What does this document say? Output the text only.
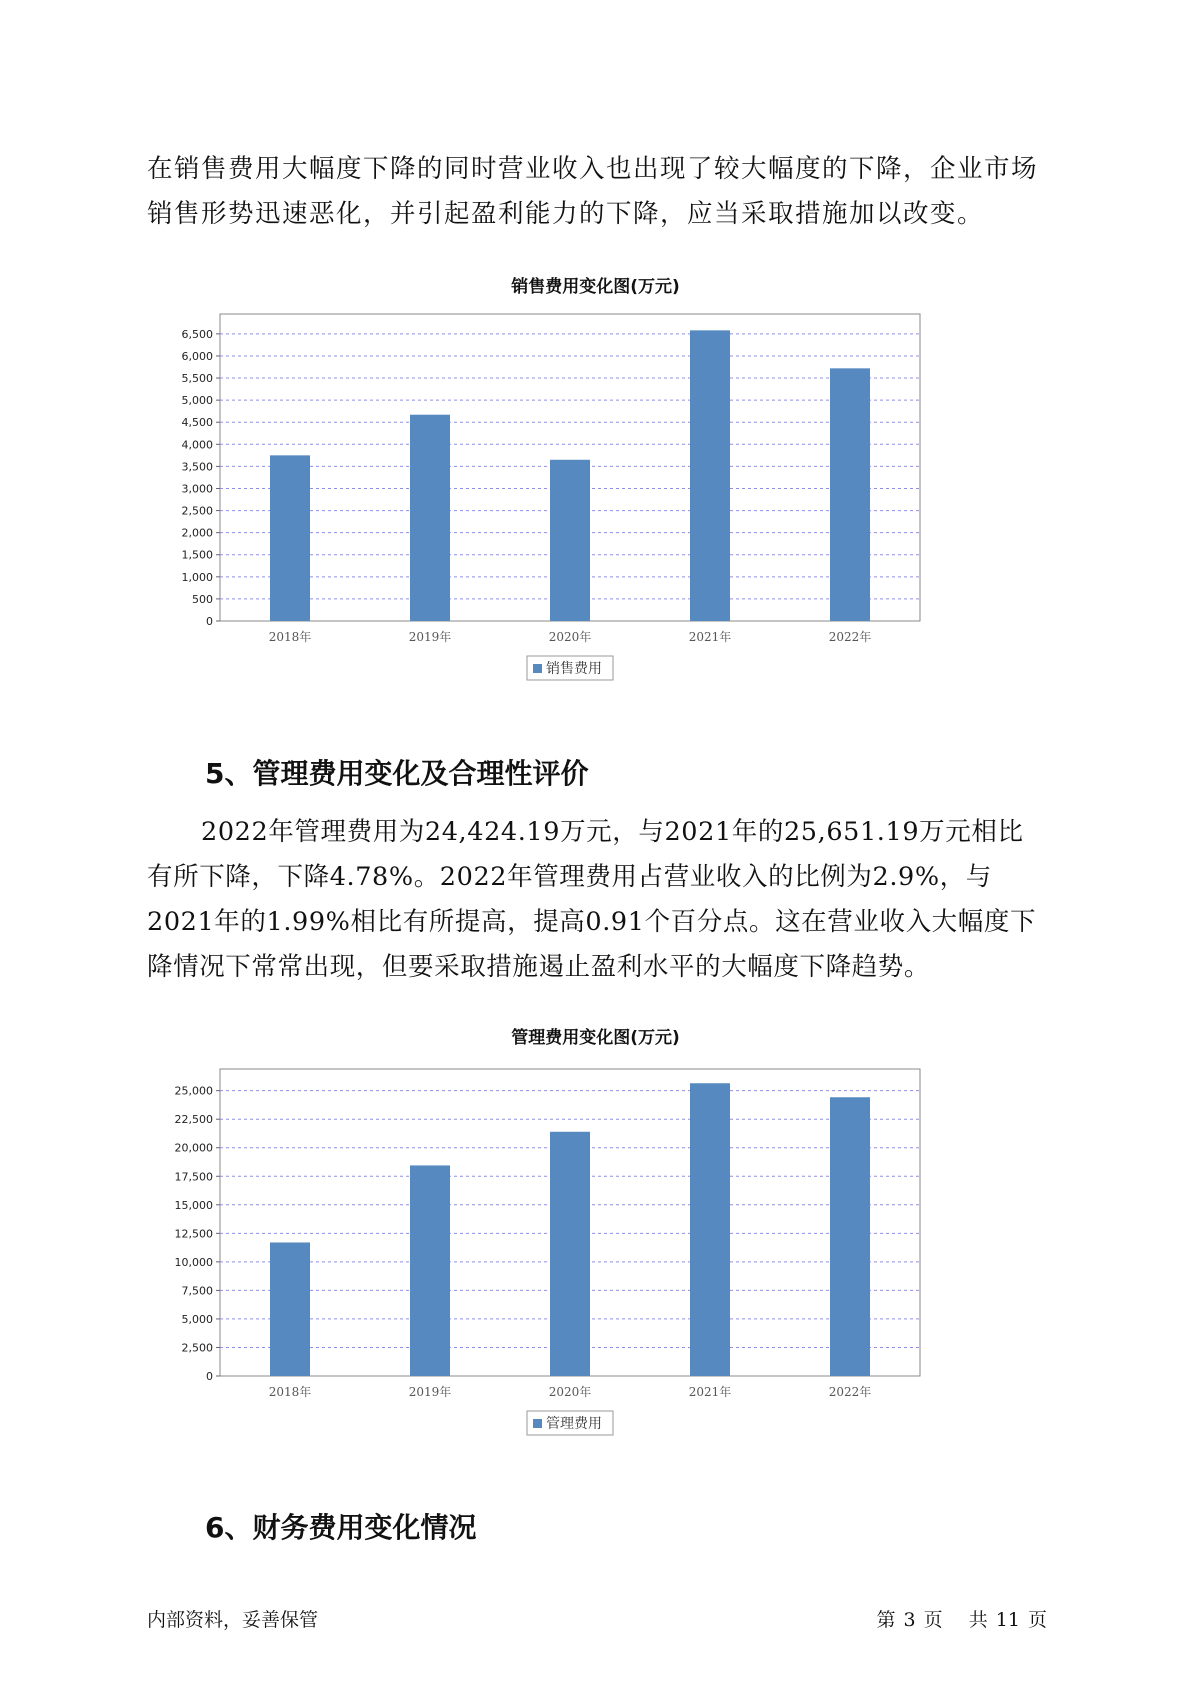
在销售费用大幅度下降的同时营业收入也出现了较大幅度的下降，企业市场销售形势迅速恶化，并引起盈利能力的下降，应当采取措施加以改变。

销售费用变化图(万元)
0
500
1,000
1,500
2,000
2,500
3,000
3,500
4,000
4,500
5,000
5,500
6,000
6,500
2018年	2019年	2020年	2021年	2022年
销售费用
5、管理费用变化及合理性评价

2022年管理费用为24,424.19万元，与2021年的25,651.19万元相比有所下降，下降4.78%。2022年管理费用占营业收入的比例为2.9%，与2021年的1.99%相比有所提高，提高0.91个百分点。这在营业收入大幅度下降情况下常常出现，但要采取措施遏止盈利水平的大幅度下降趋势。

管理费用变化图(万元)
0
2,500
5,000
7,500
10,000
12,500
15,000
17,500
20,000
22,500
25,000
2018年	2019年	2020年	2021年	2022年
管理费用
6、财务费用变化情况
内部资料，妥善保管	第 3 页 共 11 页
